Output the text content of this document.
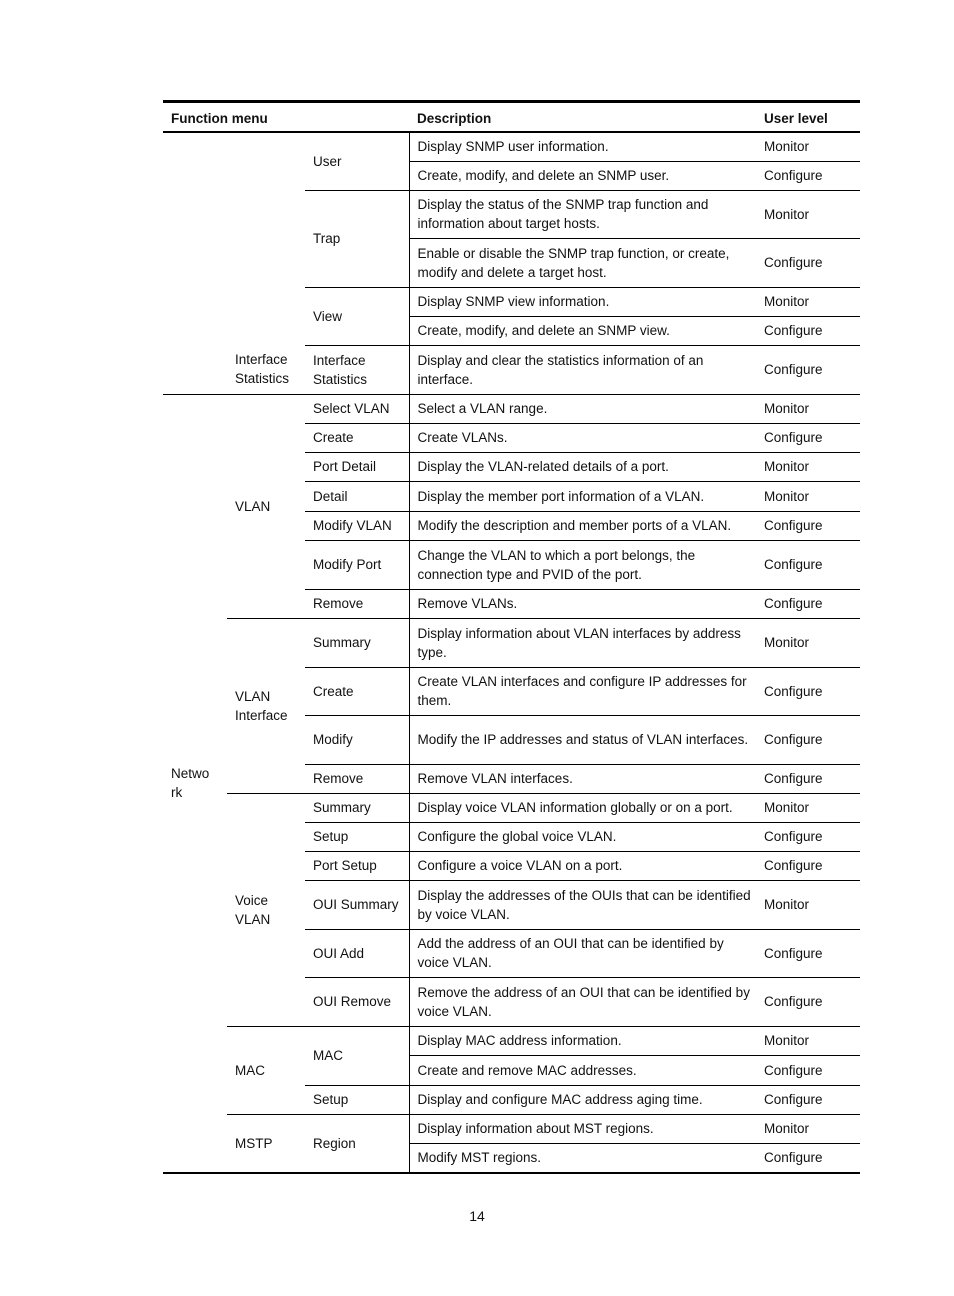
Function menu			Description	User level
		User	Display SNMP user information.	Monitor
			Create, modify, and delete an SNMP user.	Configure
		Trap	Display the status of the SNMP trap function and information about target hosts.	Monitor
			Enable or disable the SNMP trap function, or create, modify and delete a target host.	Configure
		View	Display SNMP view information.	Monitor
			Create, modify, and delete an SNMP view.	Configure
	Interface Statistics	Interface Statistics	Display and clear the statistics information of an interface.	Configure
Netwo rk	VLAN	Select VLAN	Select a VLAN range.	Monitor
		Create	Create VLANs.	Configure
		Port Detail	Display the VLAN-related details of a port.	Monitor
		Detail	Display the member port information of a VLAN.	Monitor
		Modify VLAN	Modify the description and member ports of a VLAN.	Configure
		Modify Port	Change the VLAN to which a port belongs, the connection type and PVID of the port.	Configure
		Remove	Remove VLANs.	Configure
	VLAN Interface	Summary	Display information about VLAN interfaces by address type.	Monitor
		Create	Create VLAN interfaces and configure IP addresses for them.	Configure
		Modify	Modify the IP addresses and status of VLAN interfaces.	Configure
		Remove	Remove VLAN interfaces.	Configure
	Voice VLAN	Summary	Display voice VLAN information globally or on a port.	Monitor
		Setup	Configure the global voice VLAN.	Configure
		Port Setup	Configure a voice VLAN on a port.	Configure
		OUI Summary	Display the addresses of the OUIs that can be identified by voice VLAN.	Monitor
		OUI Add	Add the address of an OUI that can be identified by voice VLAN.	Configure
		OUI Remove	Remove the address of an OUI that can be identified by voice VLAN.	Configure
	MAC	MAC	Display MAC address information.	Monitor
			Create and remove MAC addresses.	Configure
		Setup	Display and configure MAC address aging time.	Configure
	MSTP	Region	Display information about MST regions.	Monitor
			Modify MST regions.	Configure
14
